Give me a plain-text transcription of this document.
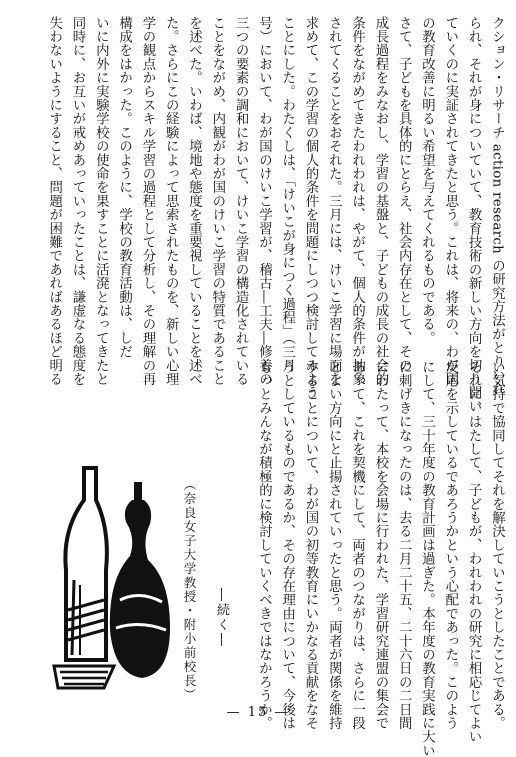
クション・リサーチ action research の研究方法がとりいれ
られ、それが身についていて、教育技術の新しい方向を切り開い
ていくのに実証されてきたと思う。これは、将来の、わが国
の教育改善に明るい希望を与えてくれるものである。
さて、子どもを具体的にとらえ、社会内存在として、その
成長過程をみなおし、学習の基盤と、子どもの成長の社会的
条件をながめてきたわれわれは、やがて、個人的条件が抽象
されてくることをおそれた。三月には、けいこ学習に場面を
求めて、この学習の個人的条件を問題にしつつ検討してみよう
ことにした。わたくしは、「けいこが身につく過程」（三月
号）において、わが国のけいこ学習が、稽古―工夫―修養の
三つの要素の調和において、けいこ学習の構造化されている
ことをながめ、内観がわが国のけいこ学習の特質であること
を述べた。いわば、境地や態度を重要視していることを述べ
た。さらにこの経験によって思索されたものを、新しい心理
学の観点からスキル学習の過程として分析し、その理解の再
構成をはかった。このように、学校の教育活動は、しだ
いに内外に実験学校の使命を果すことに活溌となってきたと
同時に、お互いが戒めあっていったことは、謙虚なる態度を
失わないようにすること、問題が困難であればあるほど明る
い気持で協同してそれを解決していこうとしたことである。
それに、はたして、子どもが、われわれの研究に相応じてよい
反応を示しているであろうかという心配であった。このよう
にして、三十年度の教育計画は過ぎた。本年度の教育実践に大い
に刺げきになったのは、去る二月二十五、二十六日の二日間
にわたって、本校を会場に行われた、学習研究連盟の集会で
あって、これを契機にして、両者のつながりは、さらに一段
とよい方向にと止揚されていったと思う。両者が関係を維持
することについて、わが国の初等教育にいかなる貢献をなそ
うとしているものであるか、その存在理由について、今後は
もっとみんなが積極的に検討していくべきではなかろうか。
―続く―
（奈良女子大学教授・附小前校長）
— 15 —
